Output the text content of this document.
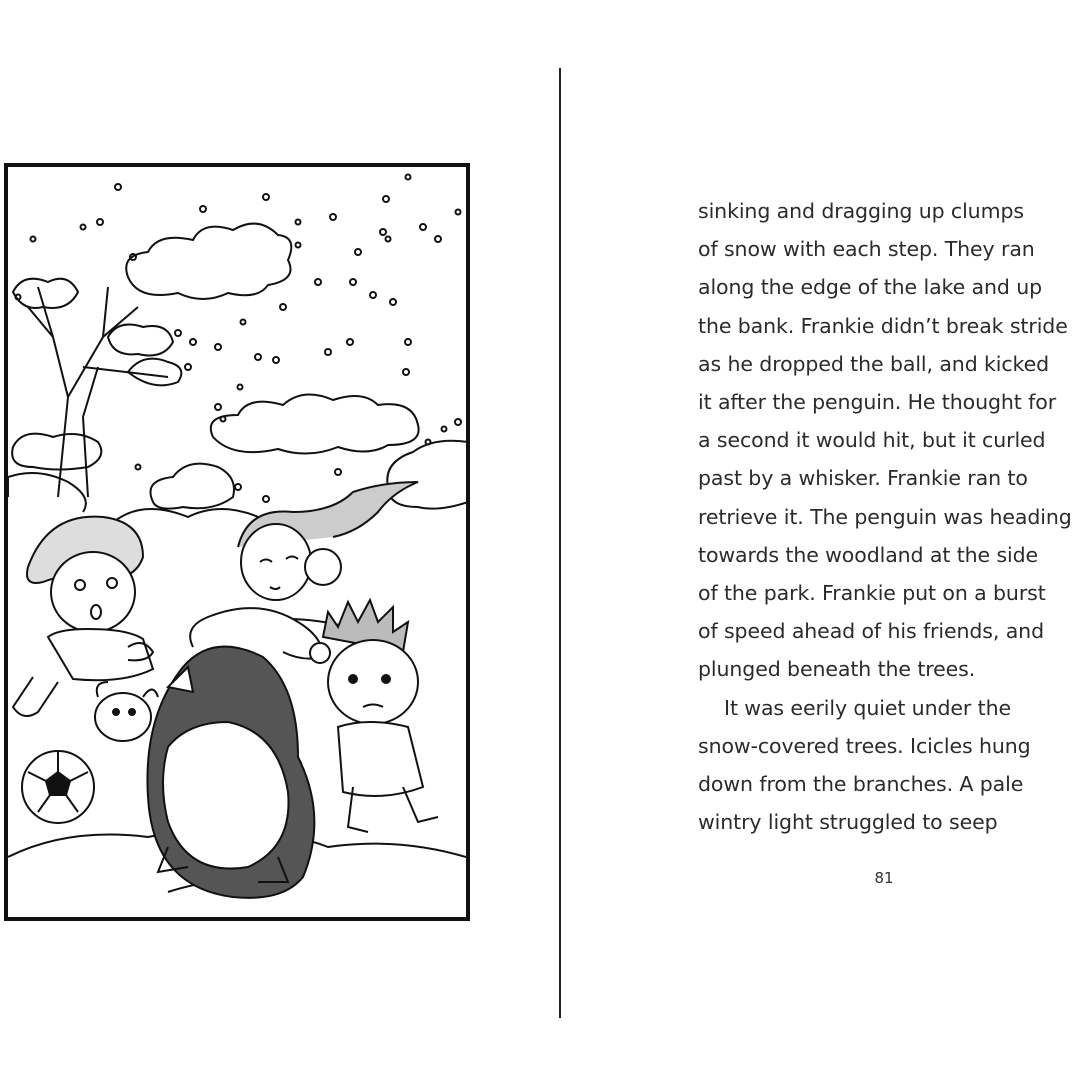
sinking and dragging up clumps

of snow with each step. They ran

along the edge of the lake and up

the bank. Frankie didn’t break stride

as he dropped the ball, and kicked

it after the penguin. He thought for

a second it would hit, but it curled

past by a whisker. Frankie ran to

retrieve it. The penguin was heading

towards the woodland at the side

of the park. Frankie put on a burst

of speed ahead of his friends, and

plunged beneath the trees.

It was eerily quiet under the

snow-covered trees. Icicles hung

down from the branches. A pale

wintry light struggled to seep

81
